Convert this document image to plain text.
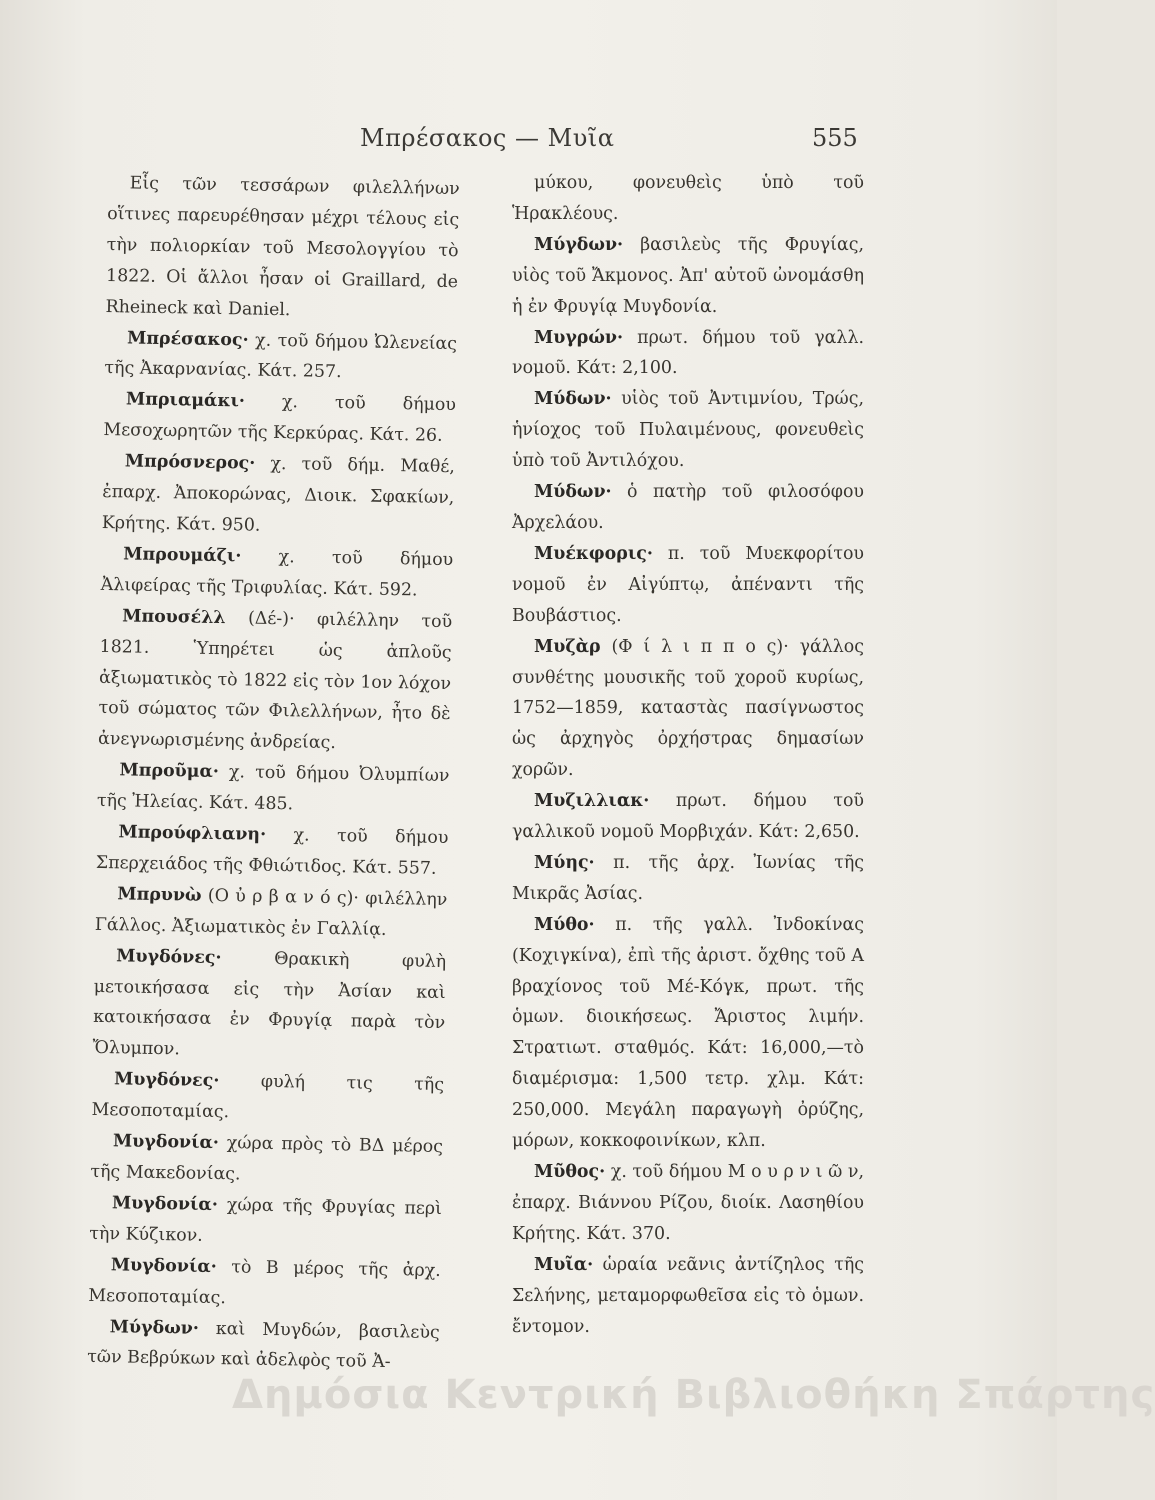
Μπρέσακος — Μυῖα	555

Εἷς τῶν τεσσάρων φιλελλήνων οἵτινες παρευρέθησαν μέχρι τέλους εἰς τὴν πολιορκίαν τοῦ Μεσολογγίου τὸ 1822. Οἱ ἄλλοι ἦσαν οἱ Graillard, de Rheineck καὶ Daniel.

Μπρέσακος· χ. τοῦ δήμου Ὠλενείας τῆς Ἀκαρνανίας. Κάτ. 257.

Μπριαμάκι· χ. τοῦ δήμου Μεσοχωρητῶν τῆς Κερκύρας. Κάτ. 26.

Μπρόσνερος· χ. τοῦ δήμ. Μαθέ, ἐπαρχ. Ἀποκορώνας, Διοικ. Σφακίων, Κρήτης. Κάτ. 950.

Μπρουμάζι· χ. τοῦ δήμου Ἀλιφείρας τῆς Τριφυλίας. Κάτ. 592.

Μπουσέλλ (Δέ-)· φιλέλλην τοῦ 1821. Ὑπηρέτει ὡς ἁπλοῦς ἀξιωματικὸς τὸ 1822 εἰς τὸν 1ον λόχον τοῦ σώματος τῶν Φιλελλήνων, ἦτο δὲ ἀνεγνωρισμένης ἀνδρείας.

Μπροῦμα· χ. τοῦ δήμου Ὀλυμπίων τῆς Ἠλείας. Κάτ. 485.

Μπρούφλιανη· χ. τοῦ δήμου Σπερχειάδος τῆς Φθιώτιδος. Κάτ. 557.

Μπρυνὼ (Ο ὐ ρ β α ν ό ς)· φιλέλλην Γάλλος. Ἀξιωματικὸς ἐν Γαλλίᾳ.

Μυγδόνες· Θρακικὴ φυλὴ μετοικήσασα εἰς τὴν Ἀσίαν καὶ κατοικήσασα ἐν Φρυγίᾳ παρὰ τὸν Ὄλυμπον.

Μυγδόνες· φυλή τις τῆς Μεσοποταμίας.

Μυγδονία· χώρα πρὸς τὸ ΒΔ μέρος τῆς Μακεδονίας.

Μυγδονία· χώρα τῆς Φρυγίας περὶ τὴν Κύζικον.

Μυγδονία· τὸ Β μέρος τῆς ἀρχ. Μεσοποταμίας.

Μύγδων· καὶ Μυγδών, βασιλεὺς τῶν Βεβρύκων καὶ ἀδελφὸς τοῦ Ἀ-

μύκου, φονευθεὶς ὑπὸ τοῦ Ἡρακλέους.

Μύγδων· βασιλεὺς τῆς Φρυγίας, υἱὸς τοῦ Ἄκμονος. Ἀπ' αὐτοῦ ὠνομάσθη ἡ ἐν Φρυγίᾳ Μυγδονία.

Μυγρών· πρωτ. δήμου τοῦ γαλλ. νομοῦ. Κάτ: 2,100.

Μύδων· υἱὸς τοῦ Ἀντιμνίου, Τρώς, ἡνίοχος τοῦ Πυλαιμένους, φονευθεὶς ὑπὸ τοῦ Ἀντιλόχου.

Μύδων· ὁ πατὴρ τοῦ φιλοσόφου Ἀρχελάου.

Μυέκφορις· π. τοῦ Μυεκφορίτου νομοῦ ἐν Αἰγύπτῳ, ἀπέναντι τῆς Βουβάστιος.

Μυζὰρ (Φ ί λ ι π π ο ς)· γάλλος συνθέτης μουσικῆς τοῦ χοροῦ κυρίως, 1752—1859, καταστὰς πασίγνωστος ὡς ἀρχηγὸς ὀρχήστρας δημασίων χορῶν.

Μυζιλλιακ· πρωτ. δήμου τοῦ γαλλικοῦ νομοῦ Μορβιχάν. Κάτ: 2,650.

Μύης· π. τῆς ἀρχ. Ἰωνίας τῆς Μικρᾶς Ἀσίας.

Μύθο· π. τῆς γαλλ. Ἰνδοκίνας (Κοχιγκίνα), ἐπὶ τῆς ἀριστ. ὄχθης τοῦ Α βραχίονος τοῦ Μέ-Κόγκ, πρωτ. τῆς ὁμων. διοικήσεως. Ἄριστος λιμήν. Στρατιωτ. σταθμός. Κάτ: 16,000,—τὸ διαμέρισμα: 1,500 τετρ. χλμ. Κάτ: 250,000. Μεγάλη παραγωγὴ ὀρύζης, μόρων, κοκκοφοινίκων, κλπ.

Μῦθος· χ. τοῦ δήμου Μ ο υ ρ ν ι ῶ ν, ἐπαρχ. Βιάννου Ρίζου, διοίκ. Λασηθίου Κρήτης. Κάτ. 370.

Μυῖα· ὡραία νεᾶνις ἀντίζηλος τῆς Σελήνης, μεταμορφωθεῖσα εἰς τὸ ὁμων. ἔντομον.

Δημόσια Κεντρική Βιβλιοθήκη Σπάρτης
